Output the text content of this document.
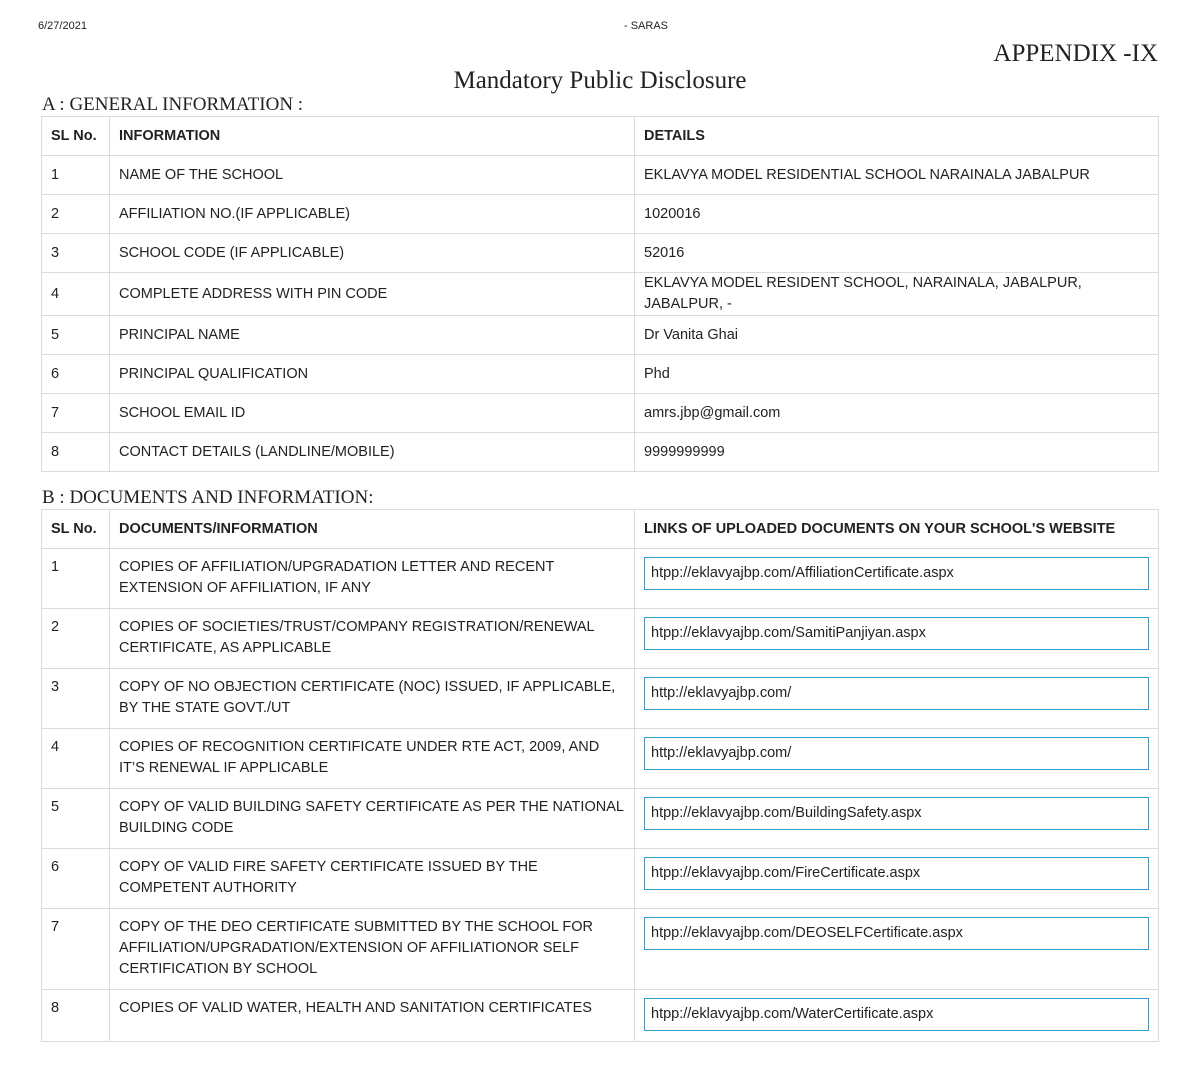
6/27/2021	- SARAS
APPENDIX -IX
Mandatory Public Disclosure
A : GENERAL INFORMATION :
SL No.	INFORMATION	DETAILS
1	NAME OF THE SCHOOL	EKLAVYA MODEL RESIDENTIAL SCHOOL NARAINALA JABALPUR
2	AFFILIATION NO.(IF APPLICABLE)	1020016
3	SCHOOL CODE (IF APPLICABLE)	52016
4	COMPLETE ADDRESS WITH PIN CODE	EKLAVYA MODEL RESIDENT SCHOOL, NARAINALA, JABALPUR, JABALPUR, -
5	PRINCIPAL NAME	Dr Vanita Ghai
6	PRINCIPAL QUALIFICATION	Phd
7	SCHOOL EMAIL ID	amrs.jbp@gmail.com
8	CONTACT DETAILS (LANDLINE/MOBILE)	9999999999
B : DOCUMENTS AND INFORMATION:
SL No.	DOCUMENTS/INFORMATION	LINKS OF UPLOADED DOCUMENTS ON YOUR SCHOOL'S WEBSITE
1	COPIES OF AFFILIATION/UPGRADATION LETTER AND RECENT EXTENSION OF AFFILIATION, IF ANY	htpp://eklavyajbp.com/AffiliationCertificate.aspx

2	COPIES OF SOCIETIES/TRUST/COMPANY REGISTRATION/RENEWAL CERTIFICATE, AS APPLICABLE	htpp://eklavyajbp.com/SamitiPanjiyan.aspx

3	COPY OF NO OBJECTION CERTIFICATE (NOC) ISSUED, IF APPLICABLE, BY THE STATE GOVT./UT	http://eklavyajbp.com/

4	COPIES OF RECOGNITION CERTIFICATE UNDER RTE ACT, 2009, AND IT’S RENEWAL IF APPLICABLE	http://eklavyajbp.com/

5	COPY OF VALID BUILDING SAFETY CERTIFICATE AS PER THE NATIONAL BUILDING CODE	htpp://eklavyajbp.com/BuildingSafety.aspx

6	COPY OF VALID FIRE SAFETY CERTIFICATE ISSUED BY THE COMPETENT AUTHORITY	htpp://eklavyajbp.com/FireCertificate.aspx

7	COPY OF THE DEO CERTIFICATE SUBMITTED BY THE SCHOOL FOR AFFILIATION/UPGRADATION/EXTENSION OF AFFILIATIONOR SELF CERTIFICATION BY SCHOOL	htpp://eklavyajbp.com/DEOSELFCertificate.aspx

8	COPIES OF VALID WATER, HEALTH AND SANITATION CERTIFICATES	htpp://eklavyajbp.com/WaterCertificate.aspx
